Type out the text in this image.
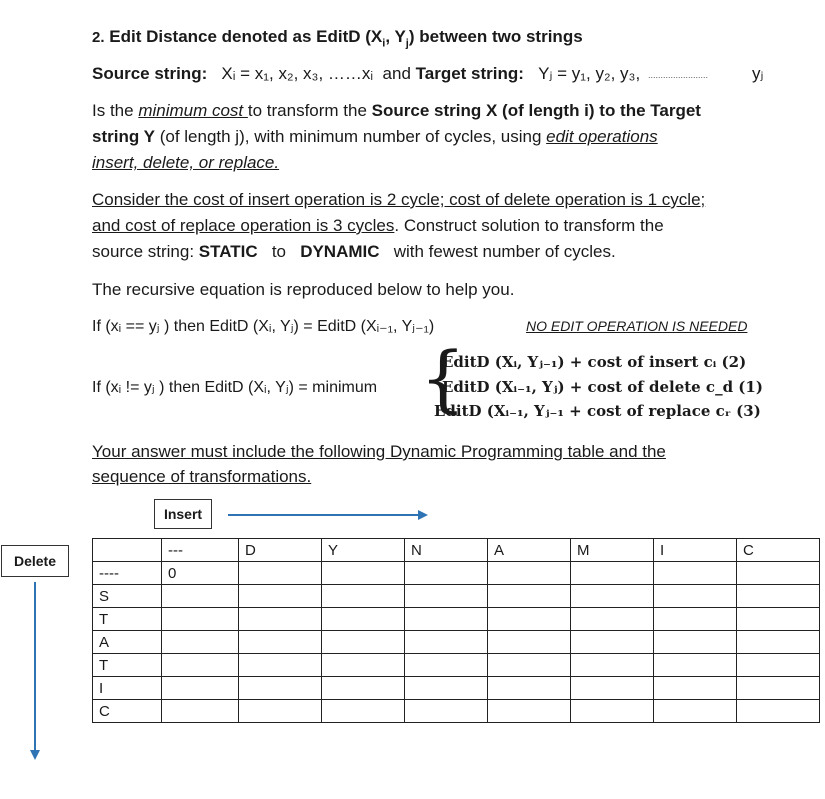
2. Edit Distance denoted as EditD ($X_i$, $Y_j$) between two strings
Source string: Xᵢ = x₁, x₂, x₃, ……xᵢ and Target string: Yⱼ = y₁, y₂, y₃, ........................	yⱼ
Is the minimum cost to transform the Source string X (of length i) to the Target
string Y (of length j), with minimum number of cycles, using edit operations
insert, delete, or replace.
Consider the cost of insert operation is 2 cycle; cost of delete operation is 1 cycle;
and cost of replace operation is 3 cycles. Construct solution to transform the
source string: STATIC to DYNAMIC with fewest number of cycles.
The recursive equation is reproduced below to help you.
If (xᵢ == yⱼ ) then EditD (Xᵢ, Yⱼ) = EditD (Xᵢ₋₁, Yⱼ₋₁)	NO EDIT OPERATION IS NEEDED
If (xᵢ != yⱼ ) then EditD (Xᵢ, Yⱼ) = minimum {
EditD (Xᵢ, Yⱼ₋₁) + cost of insert cᵢ (2)
EditD (Xᵢ₋₁, Yⱼ) + cost of delete c_d (1)
EditD (Xᵢ₋₁, Yⱼ₋₁ + cost of replace cᵣ (3)
Your answer must include the following Dynamic Programming table and the
sequence of transformations.
Insert
Delete
	---	D	Y	N	A	M	I	C
----	0							
S								
T								
A								
T								
I								
C								
